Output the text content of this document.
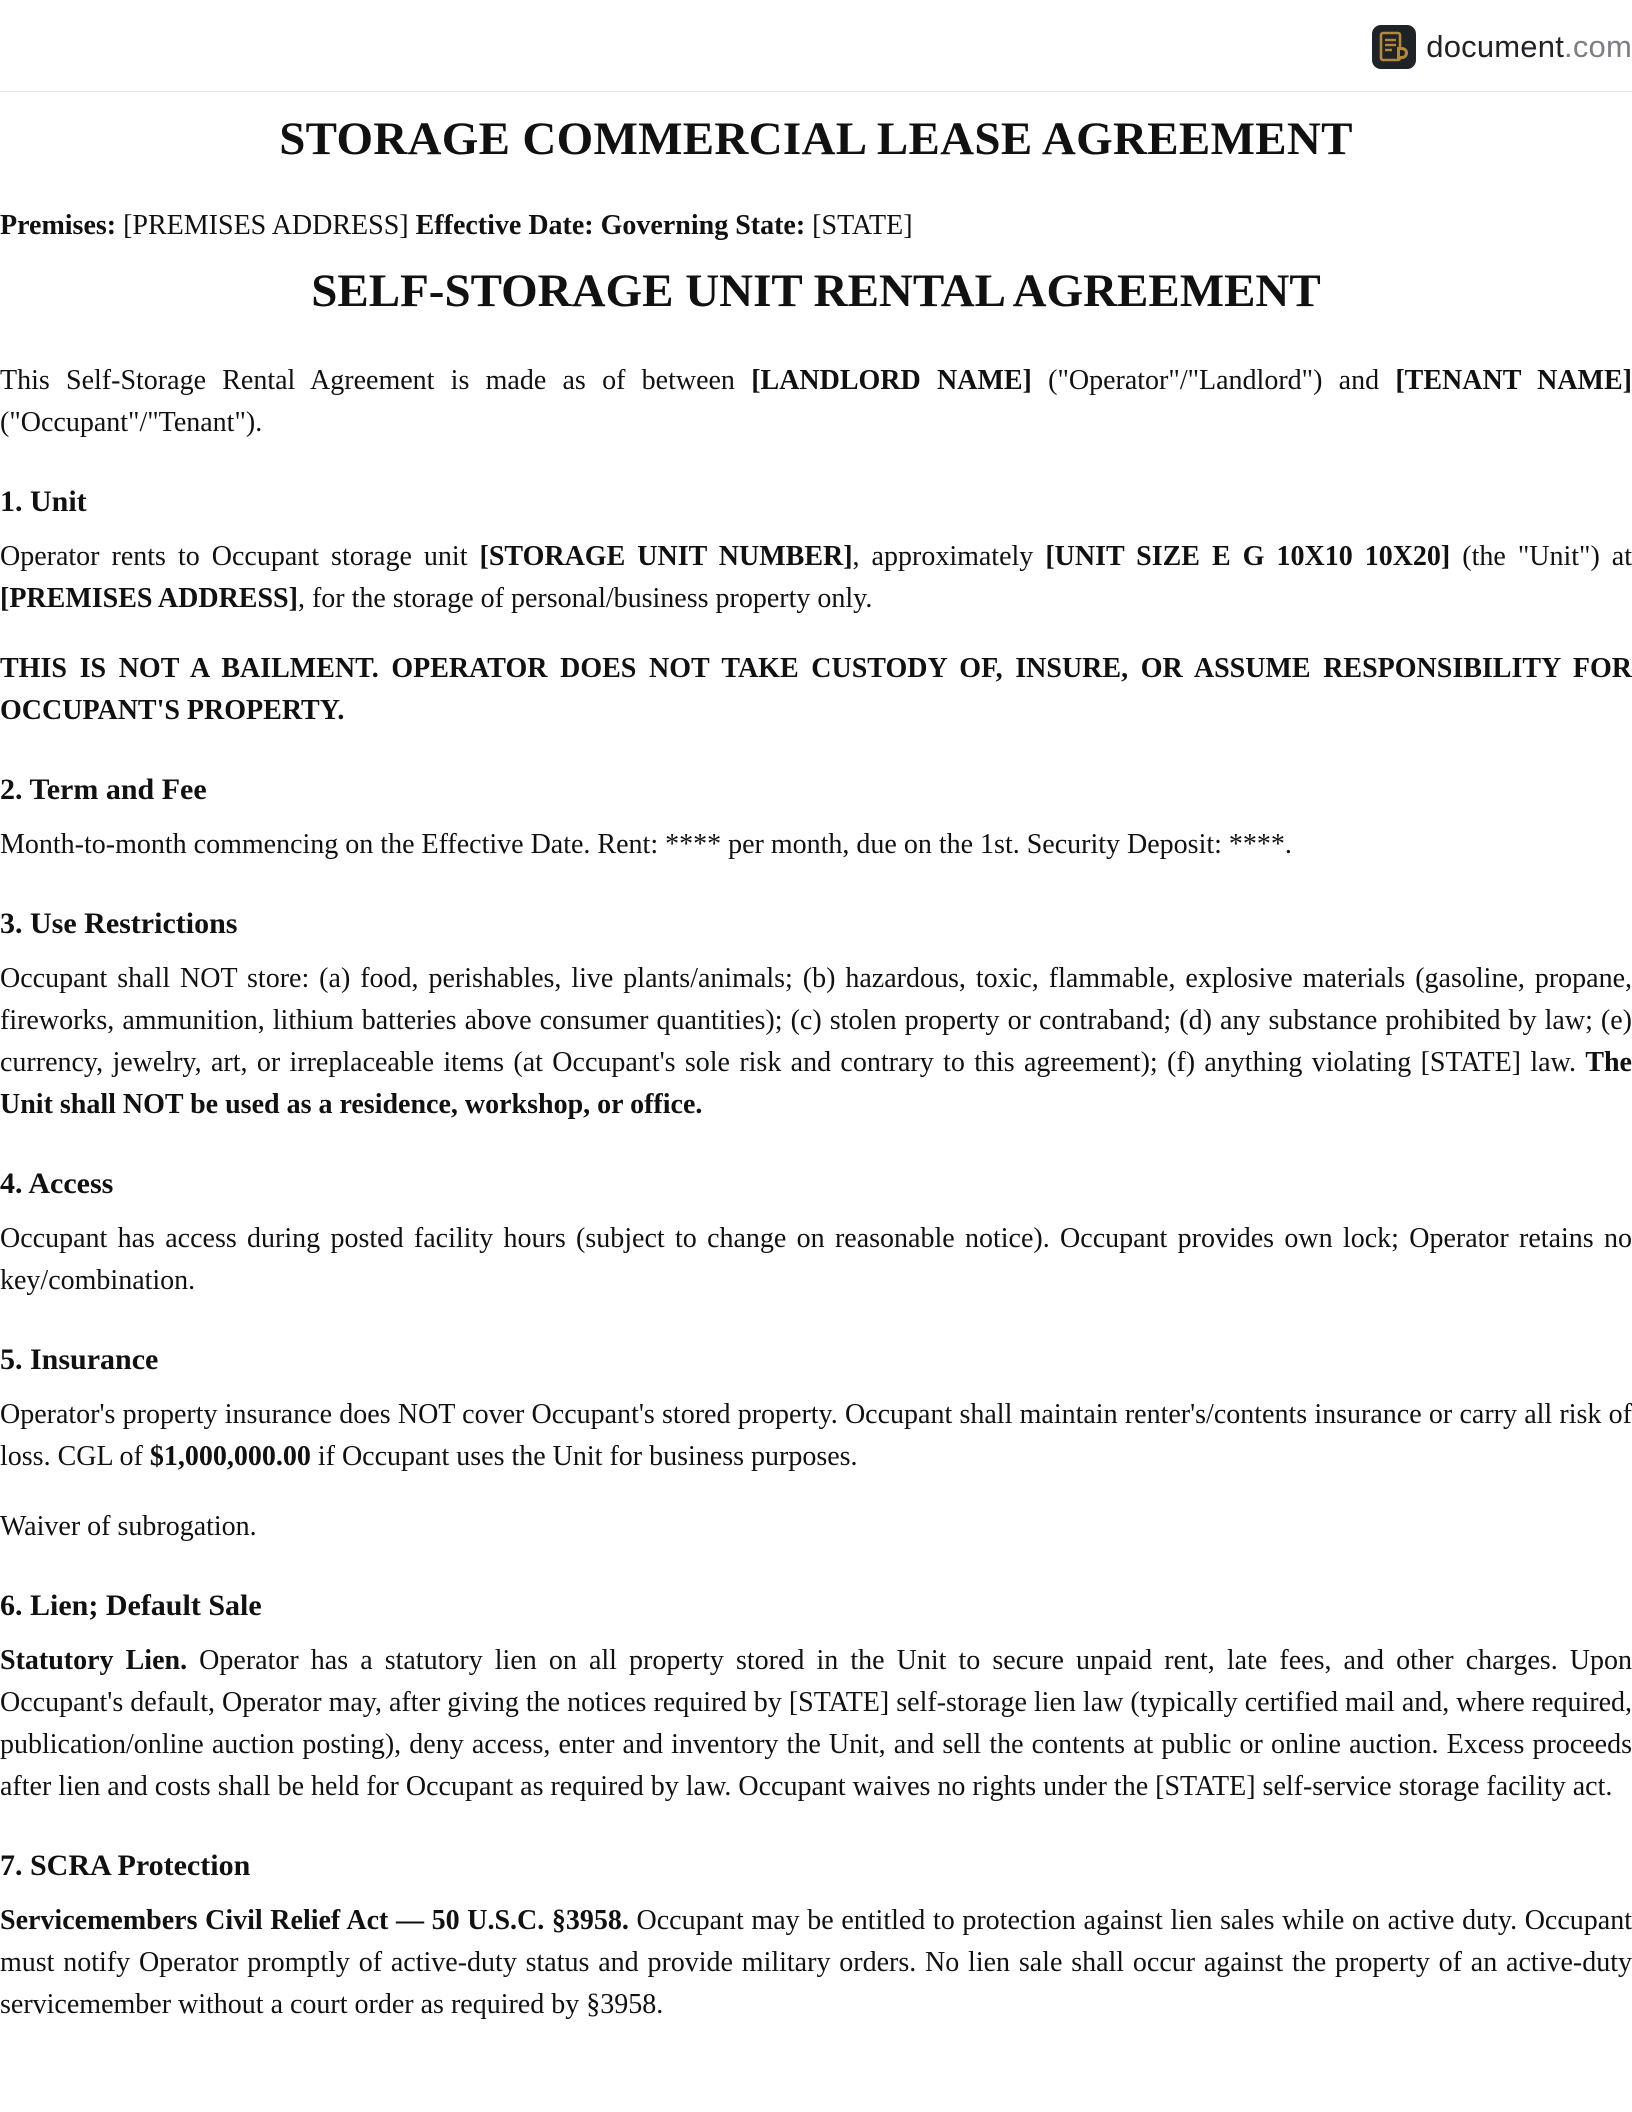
document.com
STORAGE COMMERCIAL LEASE AGREEMENT
Premises: [PREMISES ADDRESS] Effective Date: Governing State: [STATE]
SELF-STORAGE UNIT RENTAL AGREEMENT

This Self-Storage Rental Agreement is made as of between [LANDLORD NAME] ("Operator"/"Landlord") and [TENANT NAME] ("Occupant"/"Tenant").

1. Unit

Operator rents to Occupant storage unit [STORAGE UNIT NUMBER], approximately [UNIT SIZE E G 10X10 10X20] (the "Unit") at [PREMISES ADDRESS], for the storage of personal/business property only.

THIS IS NOT A BAILMENT. OPERATOR DOES NOT TAKE CUSTODY OF, INSURE, OR ASSUME RESPONSIBILITY FOR OCCUPANT'S PROPERTY.

2. Term and Fee

Month-to-month commencing on the Effective Date. Rent: **** per month, due on the 1st. Security Deposit: ****.

3. Use Restrictions

Occupant shall NOT store: (a) food, perishables, live plants/animals; (b) hazardous, toxic, flammable, explosive materials (gasoline, propane, fireworks, ammunition, lithium batteries above consumer quantities); (c) stolen property or contraband; (d) any substance prohibited by law; (e) currency, jewelry, art, or irreplaceable items (at Occupant's sole risk and contrary to this agreement); (f) anything violating [STATE] law. The Unit shall NOT be used as a residence, workshop, or office.

4. Access

Occupant has access during posted facility hours (subject to change on reasonable notice). Occupant provides own lock; Operator retains no key/combination.

5. Insurance

Operator's property insurance does NOT cover Occupant's stored property. Occupant shall maintain renter's/contents insurance or carry all risk of loss. CGL of $1,000,000.00 if Occupant uses the Unit for business purposes.

Waiver of subrogation.

6. Lien; Default Sale

Statutory Lien. Operator has a statutory lien on all property stored in the Unit to secure unpaid rent, late fees, and other charges. Upon Occupant's default, Operator may, after giving the notices required by [STATE] self-storage lien law (typically certified mail and, where required, publication/online auction posting), deny access, enter and inventory the Unit, and sell the contents at public or online auction. Excess proceeds after lien and costs shall be held for Occupant as required by law. Occupant waives no rights under the [STATE] self-service storage facility act.

7. SCRA Protection

Servicemembers Civil Relief Act — 50 U.S.C. §3958. Occupant may be entitled to protection against lien sales while on active duty. Occupant must notify Operator promptly of active-duty status and provide military orders. No lien sale shall occur against the property of an active-duty servicemember without a court order as required by §3958.
